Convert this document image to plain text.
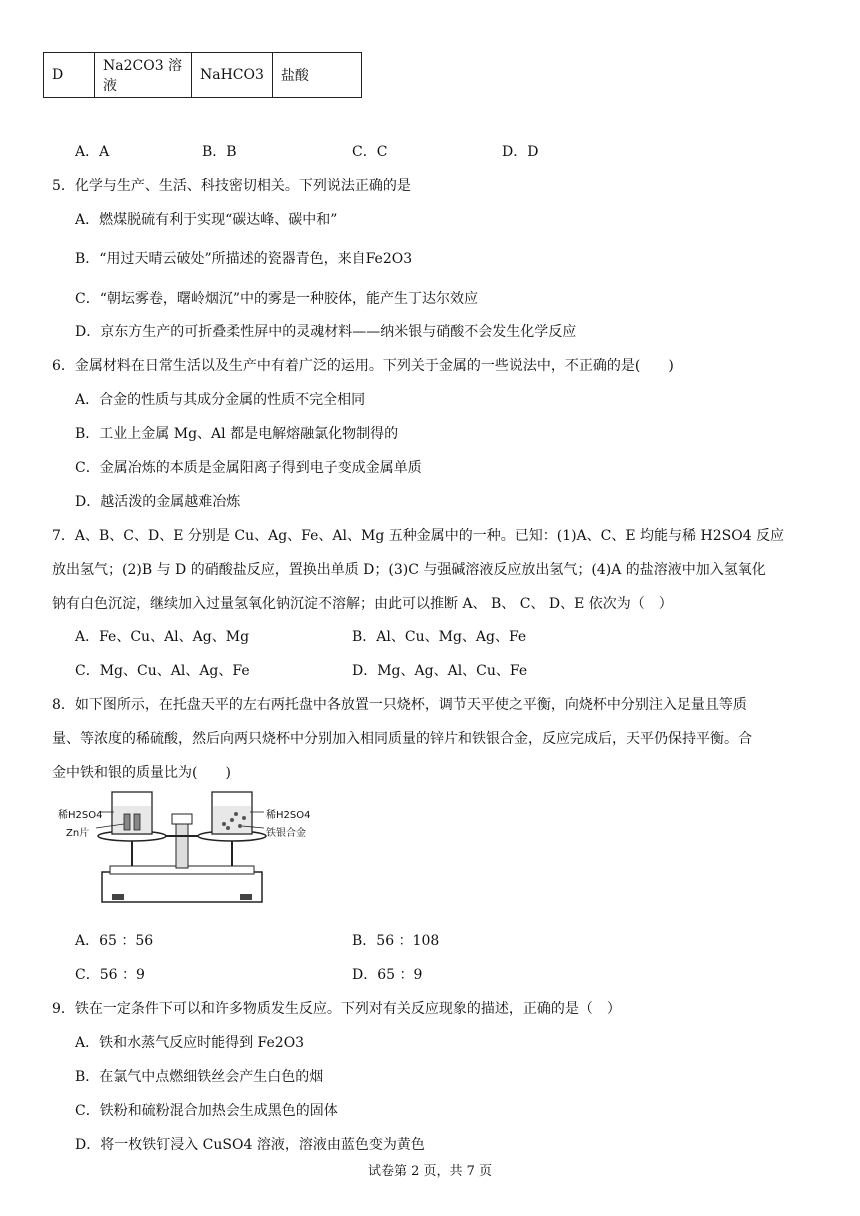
D	Na2CO3 溶液	NaHCO3	盐酸
A．A	B．B	C．C	D．D
5．化学与生产、生活、科技密切相关。下列说法正确的是
A．燃煤脱硫有利于实现“碳达峰、碳中和”
B．“用过天晴云破处”所描述的瓷器青色，来自Fe2O3
C．“朝坛雾卷，曙岭烟沉”中的雾是一种胶体，能产生丁达尔效应
D．京东方生产的可折叠柔性屏中的灵魂材料——纳米银与硝酸不会发生化学反应
6．金属材料在日常生活以及生产中有着广泛的运用。下列关于金属的一些说法中，不正确的是(　　)
A．合金的性质与其成分金属的性质不完全相同
B．工业上金属 Mg、Al 都是电解熔融氯化物制得的
C．金属冶炼的本质是金属阳离子得到电子变成金属单质
D．越活泼的金属越难冶炼
7．A、B、C、D、E 分别是 Cu、Ag、Fe、Al、Mg 五种金属中的一种。已知：(1)A、C、E 均能与稀 H2SO4 反应
放出氢气；(2)B 与 D 的硝酸盐反应，置换出单质 D；(3)C 与强碱溶液反应放出氢气；(4)A 的盐溶液中加入氢氧化
钠有白色沉淀，继续加入过量氢氧化钠沉淀不溶解；由此可以推断 A、 B、 C、 D、E 依次为（　）
A．Fe、Cu、Al、Ag、Mg	B．Al、Cu、Mg、Ag、Fe
C．Mg、Cu、Al、Ag、Fe	D．Mg、Ag、Al、Cu、Fe
8．如下图所示，在托盘天平的左右两托盘中各放置一只烧杯，调节天平使之平衡，向烧杯中分别注入足量且等质
量、等浓度的稀硫酸，然后向两只烧杯中分别加入相同质量的锌片和铁银合金，反应完成后，天平仍保持平衡。合
金中铁和银的质量比为(　　)
稀H2SO4
Zn片
稀H2SO4
铁银合金
A．65 ：56	B．56 ：108
C．56 ：9	D．65 ：9
9．铁在一定条件下可以和许多物质发生反应。下列对有关反应现象的描述，正确的是（　）
A．铁和水蒸气反应时能得到 Fe2O3
B．在氯气中点燃细铁丝会产生白色的烟
C．铁粉和硫粉混合加热会生成黑色的固体
D．将一枚铁钉浸入 CuSO4 溶液，溶液由蓝色变为黄色
试卷第 2 页，共 7 页
